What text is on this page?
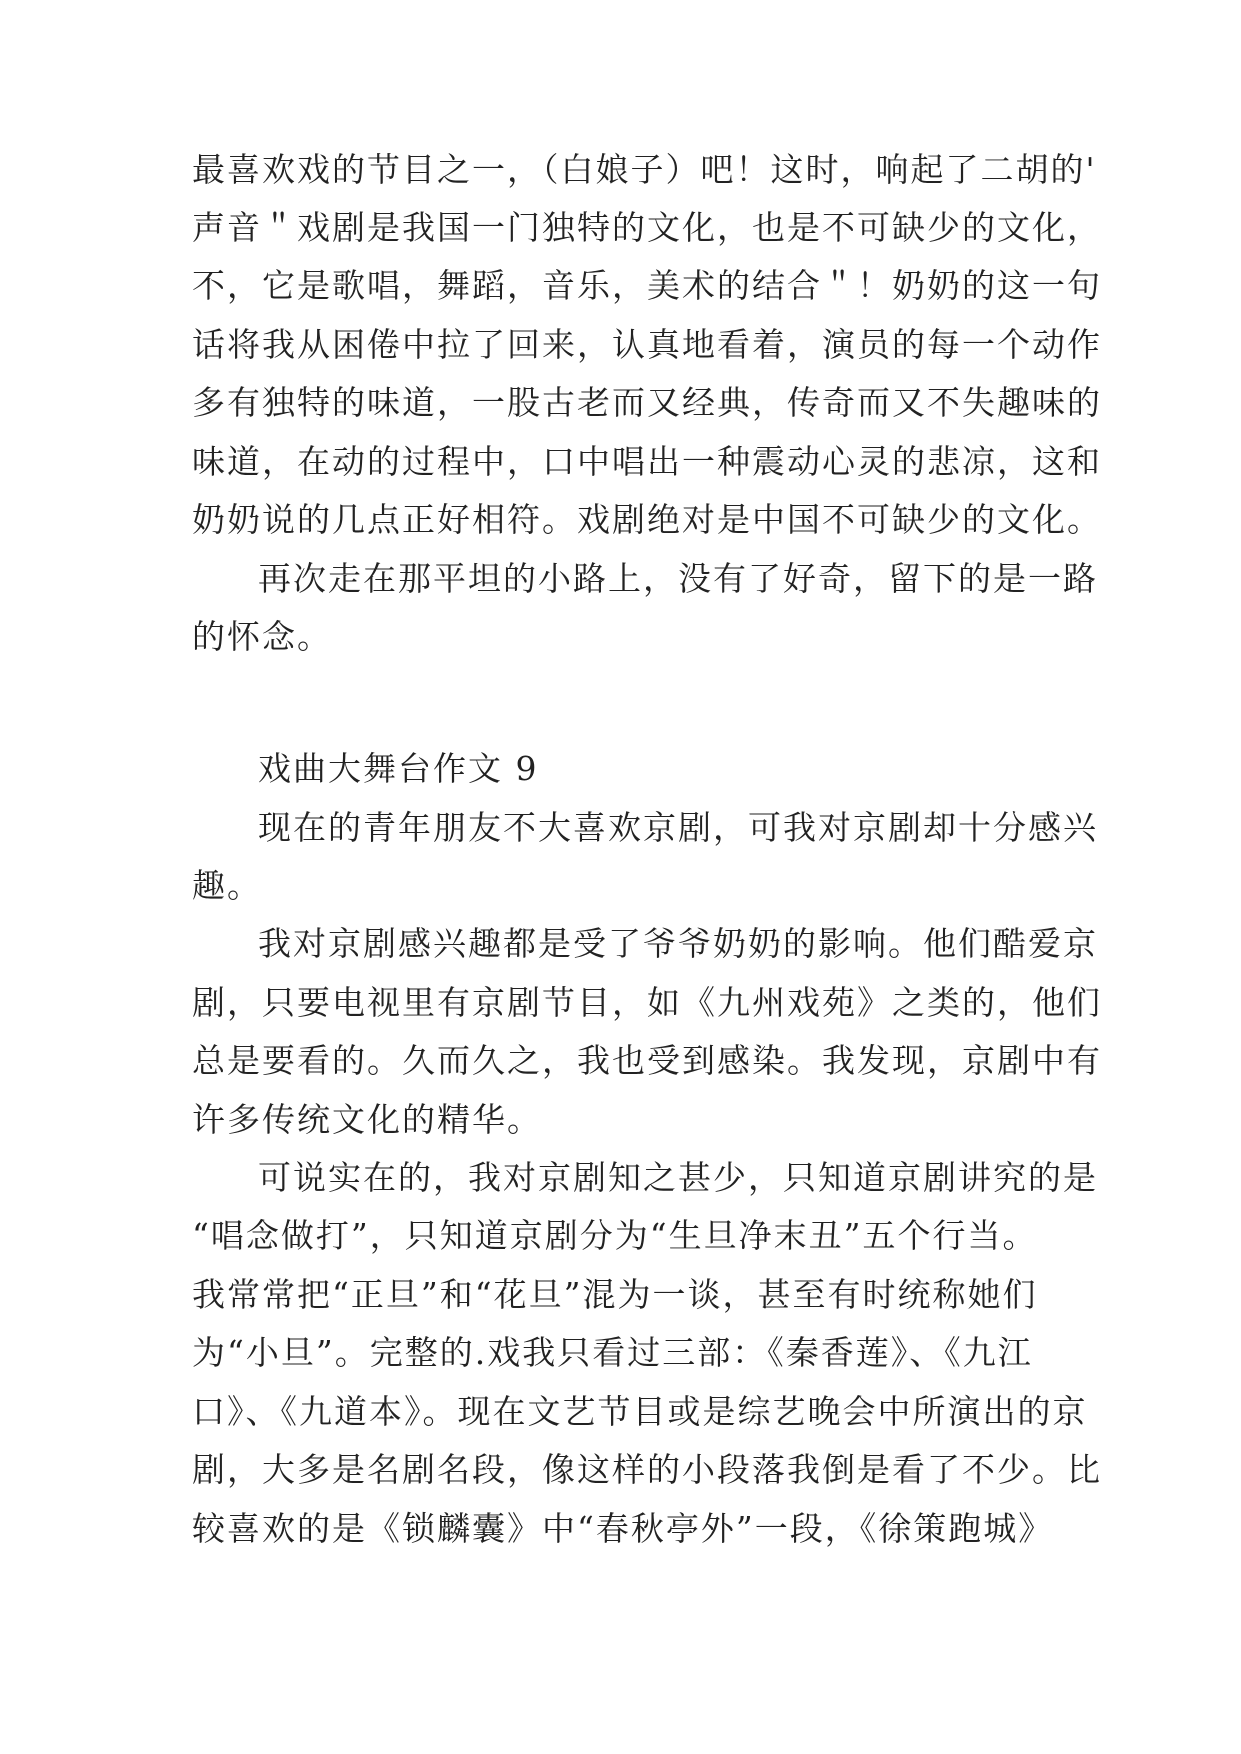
最喜欢戏的节目之一，（白娘子）吧！这时，响起了二胡的'
声音＂戏剧是我国一门独特的文化，也是不可缺少的文化，
不，它是歌唱，舞蹈，音乐，美术的结合＂！奶奶的这一句
话将我从困倦中拉了回来，认真地看着，演员的每一个动作
多有独特的味道，一股古老而又经典，传奇而又不失趣味的
味道，在动的过程中，口中唱出一种震动心灵的悲凉，这和
奶奶说的几点正好相符。戏剧绝对是中国不可缺少的文化。
再次走在那平坦的小路上，没有了好奇，留下的是一路
的怀念。
戏曲大舞台作文 9
现在的青年朋友不大喜欢京剧，可我对京剧却十分感兴
趣。
我对京剧感兴趣都是受了爷爷奶奶的影响。他们酷爱京
剧，只要电视里有京剧节目，如《九州戏苑》之类的，他们
总是要看的。久而久之，我也受到感染。我发现，京剧中有
许多传统文化的精华。
可说实在的，我对京剧知之甚少，只知道京剧讲究的是
“唱念做打”，只知道京剧分为“生旦净末丑”五个行当。
我常常把“正旦”和“花旦”混为一谈，甚至有时统称她们
为“小旦”。完整的.戏我只看过三部：《秦香莲》、《九江
口》、《九道本》。现在文艺节目或是综艺晚会中所演出的京
剧，大多是名剧名段，像这样的小段落我倒是看了不少。比
较喜欢的是《锁麟囊》中“春秋亭外”一段，《徐策跑城》
